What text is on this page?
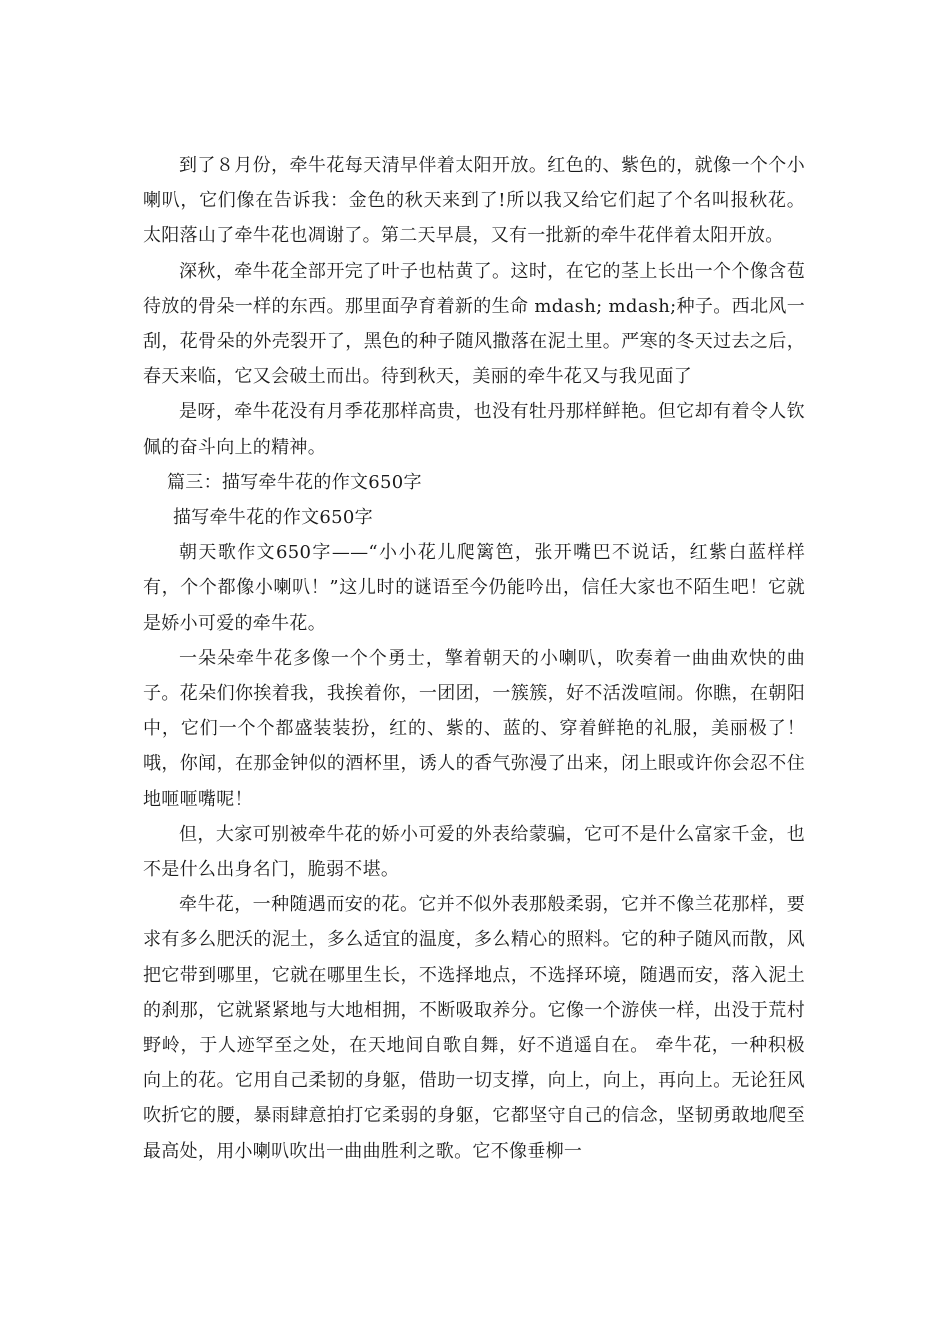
到了８月份，牵牛花每天清早伴着太阳开放。红色的、紫色的，就像一个个小喇叭，它们像在告诉我：金色的秋天来到了!所以我又给它们起了个名叫报秋花。太阳落山了牵牛花也凋谢了。第二天早晨，又有一批新的牵牛花伴着太阳开放。

深秋，牵牛花全部开完了叶子也枯黄了。这时，在它的茎上长出一个个像含苞待放的骨朵一样的东西。那里面孕育着新的生命 mdash; mdash;种子。西北风一刮，花骨朵的外壳裂开了，黑色的种子随风撒落在泥土里。严寒的冬天过去之后，春天来临，它又会破土而出。待到秋天，美丽的牵牛花又与我见面了

是呀，牵牛花没有月季花那样高贵，也没有牡丹那样鲜艳。但它却有着令人钦佩的奋斗向上的精神。

篇三：描写牵牛花的作文650字

描写牵牛花的作文650字

朝天歌作文650字——“小小花儿爬篱笆，张开嘴巴不说话，红紫白蓝样样有，个个都像小喇叭！”这儿时的谜语至今仍能吟出，信任大家也不陌生吧！它就是娇小可爱的牵牛花。

一朵朵牵牛花多像一个个勇士，擎着朝天的小喇叭，吹奏着一曲曲欢快的曲子。花朵们你挨着我，我挨着你，一团团，一簇簇，好不活泼喧闹。你瞧，在朝阳中，它们一个个都盛装装扮，红的、紫的、蓝的、穿着鲜艳的礼服，美丽极了！哦，你闻，在那金钟似的酒杯里，诱人的香气弥漫了出来，闭上眼或许你会忍不住地咂咂嘴呢！

但，大家可别被牵牛花的娇小可爱的外表给蒙骗，它可不是什么富家千金，也不是什么出身名门，脆弱不堪。

牵牛花，一种随遇而安的花。它并不似外表那般柔弱，它并不像兰花那样，要求有多么肥沃的泥土，多么适宜的温度，多么精心的照料。它的种子随风而散，风把它带到哪里，它就在哪里生长，不选择地点，不选择环境，随遇而安，落入泥土的刹那，它就紧紧地与大地相拥，不断吸取养分。它像一个游侠一样，出没于荒村野岭，于人迹罕至之处，在天地间自歌自舞，好不逍遥自在。 牵牛花，一种积极向上的花。它用自己柔韧的身躯，借助一切支撑，向上，向上，再向上。无论狂风吹折它的腰，暴雨肆意拍打它柔弱的身躯，它都坚守自己的信念，坚韧勇敢地爬至最高处，用小喇叭吹出一曲曲胜利之歌。它不像垂柳一
